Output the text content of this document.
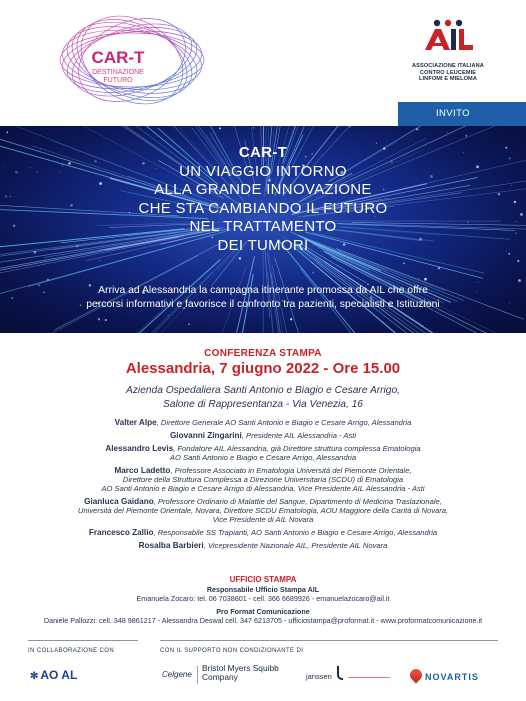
CAR-T
DESTINAZIONE
FUTURO
ASSOCIAZIONE ITALIANA
CONTRO LEUCEMIE
LINFOMI E MIELOMA
INVITO
CAR-T
UN VIAGGIO INTORNO
ALLA GRANDE INNOVAZIONE
CHE STA CAMBIANDO IL FUTURO
NEL TRATTAMENTO
DEI TUMORI
Arriva ad Alessandria la campagna itinerante promossa da AIL che offre
percorsi informativi e favorisce il confronto tra pazienti, specialisti e Istituzioni
CONFERENZA STAMPA
Alessandria, 7 giugno 2022 - Ore 15.00
Azienda Ospedaliera Santi Antonio e Biagio e Cesare Arrigo,
Salone di Rappresentanza - Via Venezia, 16
Valter Alpe, Direttore Generale AO Santi Antonio e Biagio e Cesare Arrigo, Alessandria
Giovanni Zingarini, Presidente AIL Alessandria - Asti
Alessandro Levis, Fondatore AIL Alessandria, già Direttore struttura complessa Ematologia
AO Santi Antonio e Biagio e Cesare Arrigo, Alessandria
Marco Ladetto, Professore Associato in Ematologia Università del Piemonte Orientale,
Direttore della Struttura Complessa a Direzione Universitaria (SCDU) di Ematologia
AO Santi Antonio e Biagio e Cesare Arrigo di Alessandria, Vice Presidente AIL Alessandria - Asti
Gianluca Gaidano, Professore Ordinario di Malattie del Sangue, Dipartimento di Medicina Traslazionale,
Università del Piemonte Orientale, Novara, Direttore SCDU Ematologia, AOU Maggiore della Carità di Novara,
Vice Presidente di AIL Novara
Francesco Zallio, Responsabile SS Trapianti, AO Santi Antonio e Biagio e Cesare Arrigo, Alessandria
Rosalba Barbieri, Vicepresidente Nazionale AIL, Presidente AIL Novara
UFFICIO STAMPA
Responsabile Ufficio Stampa AIL
Emanuela Zocaro: tel. 06 7038601 - cell. 366 6689926 - emanuelazocaro@ail.it
Pro Format Comunicazione
Daniele Pallozzi: cell. 348 9861217 - Alessandra Deswal cell. 347 6213705 - ufficiostampa@proformat.it - www.proformatcomunicazione.it
IN COLLABORAZIONE CON	CON IL SUPPORTO NON CONDIZIONANTE DI
✻ AO AL	Celgene
Bristol Myers Squibb
Company	janssen	NOVARTIS
